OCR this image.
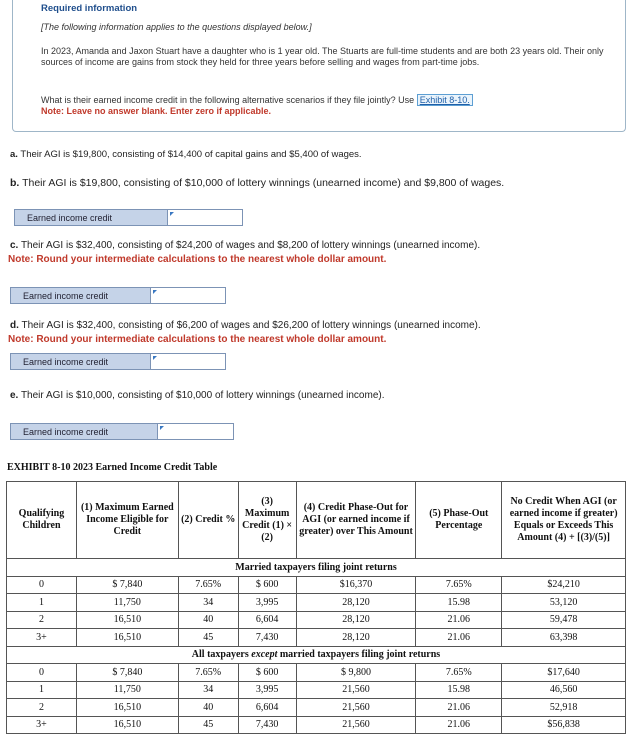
Required information
[The following information applies to the questions displayed below.]
In 2023, Amanda and Jaxon Stuart have a daughter who is 1 year old. The Stuarts are full-time students and are both 23 years old. Their only sources of income are gains from stock they held for three years before selling and wages from part-time jobs.
What is their earned income credit in the following alternative scenarios if they file jointly? Use Exhibit 8-10.
Note: Leave no answer blank. Enter zero if applicable.
a. Their AGI is $19,800, consisting of $14,400 of capital gains and $5,400 of wages.
b. Their AGI is $19,800, consisting of $10,000 of lottery winnings (unearned income) and $9,800 of wages.
Earned income credit
c. Their AGI is $32,400, consisting of $24,200 of wages and $8,200 of lottery winnings (unearned income).
Note: Round your intermediate calculations to the nearest whole dollar amount.
Earned income credit
d. Their AGI is $32,400, consisting of $6,200 of wages and $26,200 of lottery winnings (unearned income).
Note: Round your intermediate calculations to the nearest whole dollar amount.
Earned income credit
e. Their AGI is $10,000, consisting of $10,000 of lottery winnings (unearned income).
Earned income credit
EXHIBIT 8-10 2023 Earned Income Credit Table
Qualifying Children	(1) Maximum Earned Income Eligible for Credit	(2) Credit %	(3) Maximum Credit (1) × (2)	(4) Credit Phase-Out for AGI (or earned income if greater) over This Amount	(5) Phase-Out Percentage	No Credit When AGI (or earned income if greater) Equals or Exceeds This Amount (4) + [(3)/(5)]
Married taxpayers filing joint returns						
0	$ 7,840	7.65%	$ 600	$16,370	7.65%	$24,210
1	11,750	34	3,995	28,120	15.98	53,120
2	16,510	40	6,604	28,120	21.06	59,478
3+	16,510	45	7,430	28,120	21.06	63,398
All taxpayers except married taxpayers filing joint returns						
0	$ 7,840	7.65%	$ 600	$ 9,800	7.65%	$17,640
1	11,750	34	3,995	21,560	15.98	46,560
2	16,510	40	6,604	21,560	21.06	52,918
3+	16,510	45	7,430	21,560	21.06	$56,838
